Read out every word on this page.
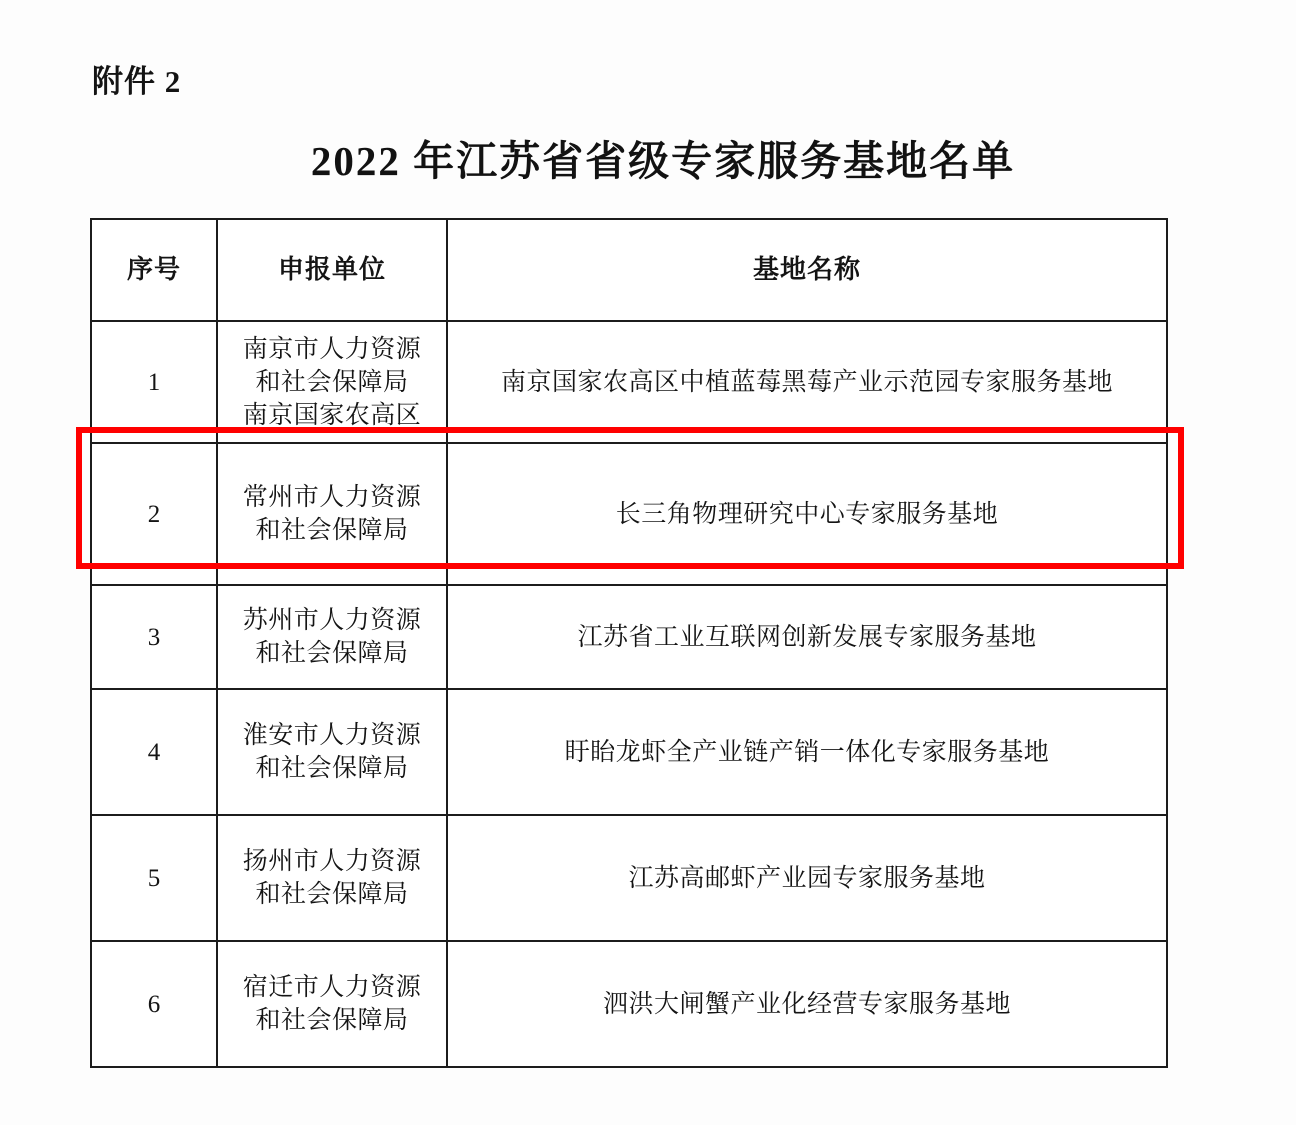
附件 2
2022 年江苏省省级专家服务基地名单
序号	申报单位	基地名称
1	南京市人力资源
和社会保障局
南京国家农高区	南京国家农高区中植蓝莓黑莓产业示范园专家服务基地
2	常州市人力资源
和社会保障局	长三角物理研究中心专家服务基地
3	苏州市人力资源
和社会保障局	江苏省工业互联网创新发展专家服务基地
4	淮安市人力资源
和社会保障局	盱眙龙虾全产业链产销一体化专家服务基地
5	扬州市人力资源
和社会保障局	江苏高邮虾产业园专家服务基地
6	宿迁市人力资源
和社会保障局	泗洪大闸蟹产业化经营专家服务基地
